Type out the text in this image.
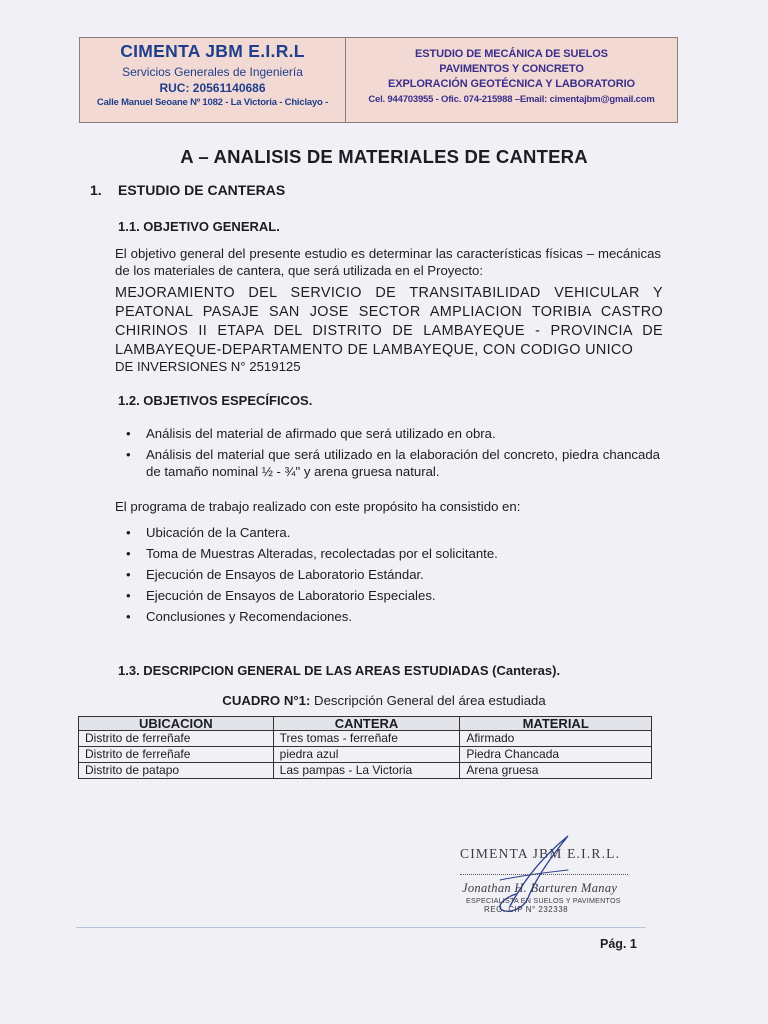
CIMENTA JBM E.I.R.L
Servicios Generales de Ingeniería
RUC: 20561140686
Calle Manuel Seoane Nº 1082 - La Victoria - Chiclayo -
ESTUDIO DE MECÁNICA DE SUELOS
PAVIMENTOS Y CONCRETO
EXPLORACIÓN GEOTÉCNICA Y LABORATORIO
Cel. 944703955 - Ofic. 074-215988 –Email: cimentajbm@gmail.com
A – ANALISIS DE MATERIALES DE CANTERA
1. ESTUDIO DE CANTERAS
1.1. OBJETIVO GENERAL.
El objetivo general del presente estudio es determinar las características físicas – mecánicas de los materiales de cantera, que será utilizada en el Proyecto:
MEJORAMIENTO DEL SERVICIO DE TRANSITABILIDAD VEHICULAR Y PEATONAL PASAJE SAN JOSE SECTOR AMPLIACION TORIBIA CASTRO CHIRINOS II ETAPA DEL DISTRITO DE LAMBAYEQUE - PROVINCIA DE LAMBAYEQUE-DEPARTAMENTO DE LAMBAYEQUE, CON CODIGO UNICO
DE INVERSIONES N° 2519125
1.2. OBJETIVOS ESPECÍFICOS.
• Análisis del material de afirmado que será utilizado en obra.
• Análisis del material que será utilizado en la elaboración del concreto, piedra chancada de tamaño nominal ½ - ¾" y arena gruesa natural.
El programa de trabajo realizado con este propósito ha consistido en:
• Ubicación de la Cantera.
• Toma de Muestras Alteradas, recolectadas por el solicitante.
• Ejecución de Ensayos de Laboratorio Estándar.
• Ejecución de Ensayos de Laboratorio Especiales.
• Conclusiones y Recomendaciones.
1.3. DESCRIPCION GENERAL DE LAS AREAS ESTUDIADAS (Canteras).
CUADRO N°1: Descripción General del área estudiada
UBICACION	CANTERA	MATERIAL
Distrito de ferreñafe	Tres tomas - ferreñafe	Afirmado
Distrito de ferreñafe	piedra azul	Piedra Chancada
Distrito de patapo	Las pampas - La Victoria	Arena gruesa
CIMENTA JBM E.I.R.L.
Jonathan H. Barturen Manay
ESPECIALISTA EN SUELOS Y PAVIMENTOS
REG. CIP N° 232338
Pág. 1
